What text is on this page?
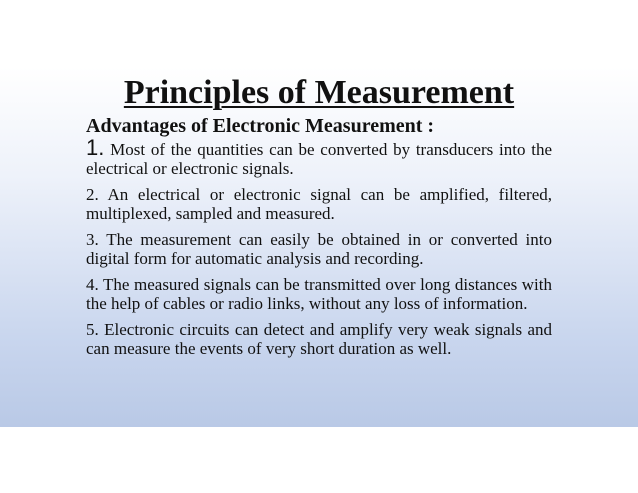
Principles of Measurement

Advantages of Electronic Measurement :

1. Most of the quantities can be converted by transducers into the electrical or electronic signals.

2. An electrical or electronic signal can be amplified, filtered, multiplexed, sampled and measured.

3. The measurement can easily be obtained in or converted into digital form for automatic analysis and recording.

4. The measured signals can be transmitted over long distances with the help of cables or radio links, without any loss of information.

5. Electronic circuits can detect and amplify very weak signals and can measure the events of very short duration as well.
